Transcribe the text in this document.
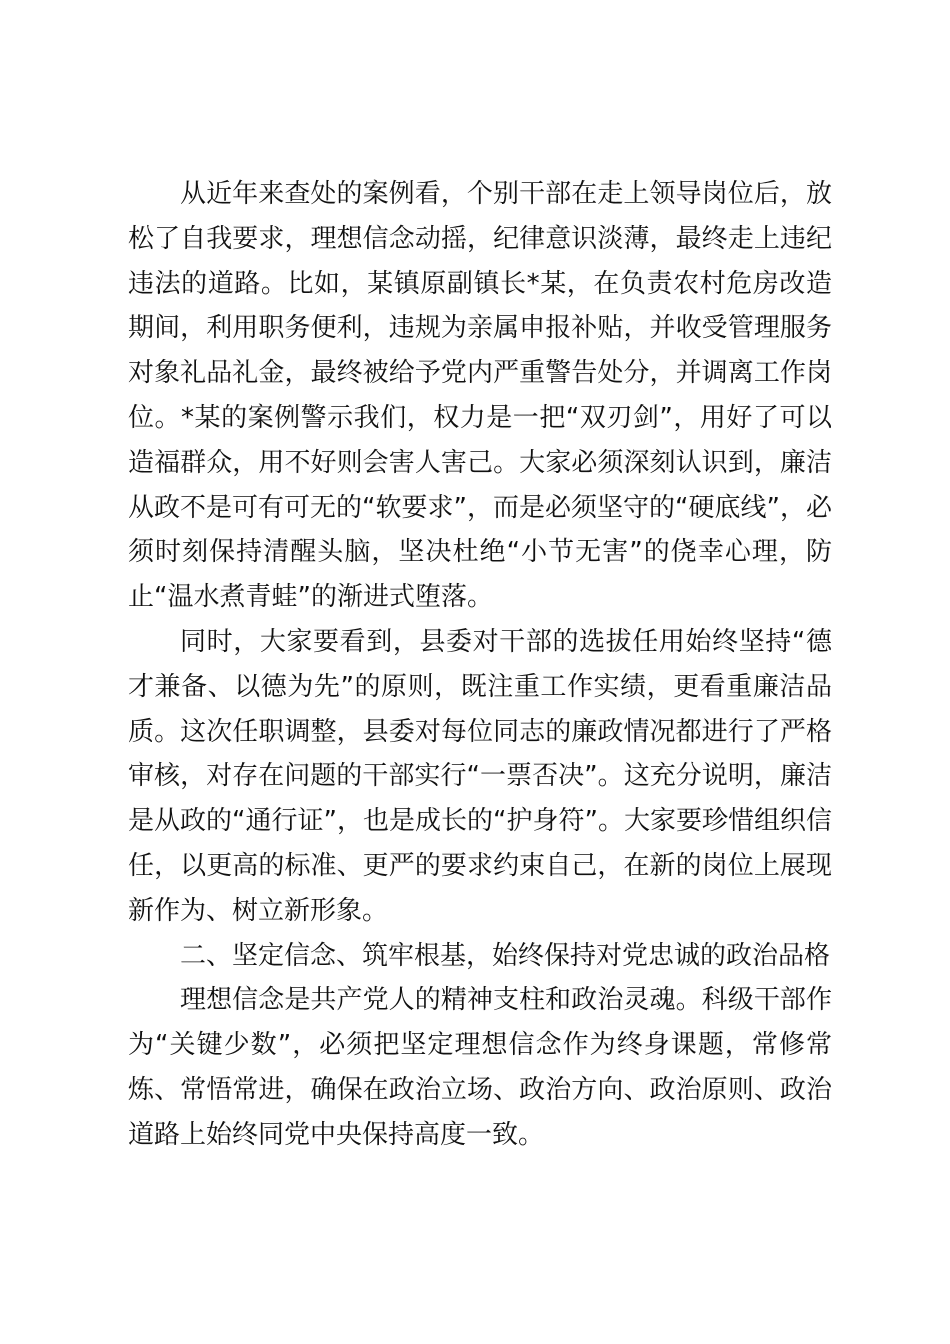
从近年来查处的案例看，个别干部在走上领导岗位后，放松了自我要求，理想信念动摇，纪律意识淡薄，最终走上违纪违法的道路。比如，某镇原副镇长*某，在负责农村危房改造期间，利用职务便利，违规为亲属申报补贴，并收受管理服务对象礼品礼金，最终被给予党内严重警告处分，并调离工作岗位。*某的案例警示我们，权力是一把“双刃剑”，用好了可以造福群众，用不好则会害人害己。大家必须深刻认识到，廉洁从政不是可有可无的“软要求”，而是必须坚守的“硬底线”，必须时刻保持清醒头脑，坚决杜绝“小节无害”的侥幸心理，防止“温水煮青蛙”的渐进式堕落。

同时，大家要看到，县委对干部的选拔任用始终坚持“德才兼备、以德为先”的原则，既注重工作实绩，更看重廉洁品质。这次任职调整，县委对每位同志的廉政情况都进行了严格审核，对存在问题的干部实行“一票否决”。这充分说明，廉洁是从政的“通行证”，也是成长的“护身符”。大家要珍惜组织信任，以更高的标准、更严的要求约束自己，在新的岗位上展现新作为、树立新形象。

二、坚定信念、筑牢根基，始终保持对党忠诚的政治品格

理想信念是共产党人的精神支柱和政治灵魂。科级干部作为“关键少数”，必须把坚定理想信念作为终身课题，常修常炼、常悟常进，确保在政治立场、政治方向、政治原则、政治道路上始终同党中央保持高度一致。
